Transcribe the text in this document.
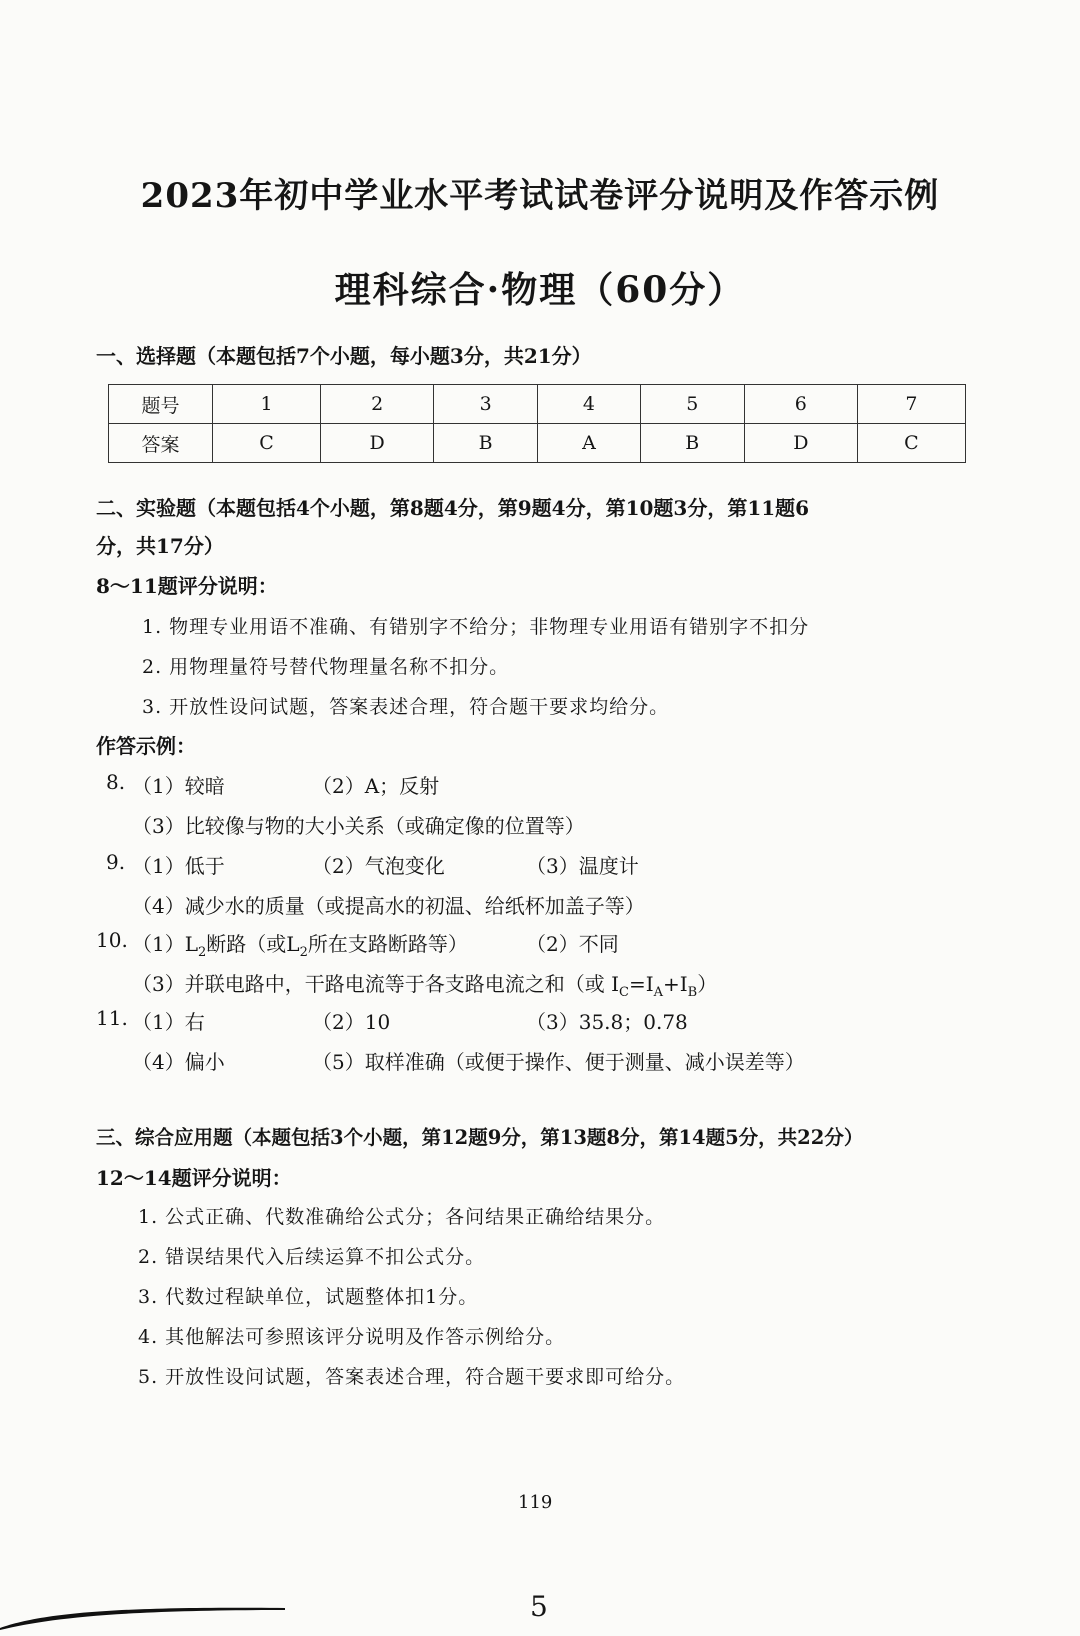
2023年初中学业水平考试试卷评分说明及作答示例
理科综合·物理（60分）
一、选择题（本题包括7个小题，每小题3分，共21分）
题号	1	2	3	4	5	6	7
答案	C	D	B	A	B	D	C
二、实验题（本题包括4个小题，第8题4分，第9题4分，第10题3分，第11题6
分，共17分）
8～11题评分说明：
1. 物理专业用语不准确、有错别字不给分；非物理专业用语有错别字不扣分
2. 用物理量符号替代物理量名称不扣分。
3. 开放性设问试题，答案表述合理，符合题干要求均给分。
作答示例：
8. （1）较暗	（2）A；反射
（3）比较像与物的大小关系（或确定像的位置等）
9. （1）低于	（2）气泡变化	（3）温度计
（4）减少水的质量（或提高水的初温、给纸杯加盖子等）
10. $(1)L_2$断路（或$L_2$所在支路断路等）	（2）不同
（3）并联电路中，干路电流等于各支路电流之和（或 $I_C=I_A+I_B$）
11. （1）右	（2）10	（3）35.8；0.78
（4）偏小	（5）取样准确（或便于操作、便于测量、减小误差等）
三、综合应用题（本题包括3个小题，第12题9分，第13题8分，第14题5分，共22分）
12～14题评分说明：
1. 公式正确、代数准确给公式分；各问结果正确给结果分。
2. 错误结果代入后续运算不扣公式分。
3. 代数过程缺单位，试题整体扣1分。
4. 其他解法可参照该评分说明及作答示例给分。
5. 开放性设问试题，答案表述合理，符合题干要求即可给分。
119
5
